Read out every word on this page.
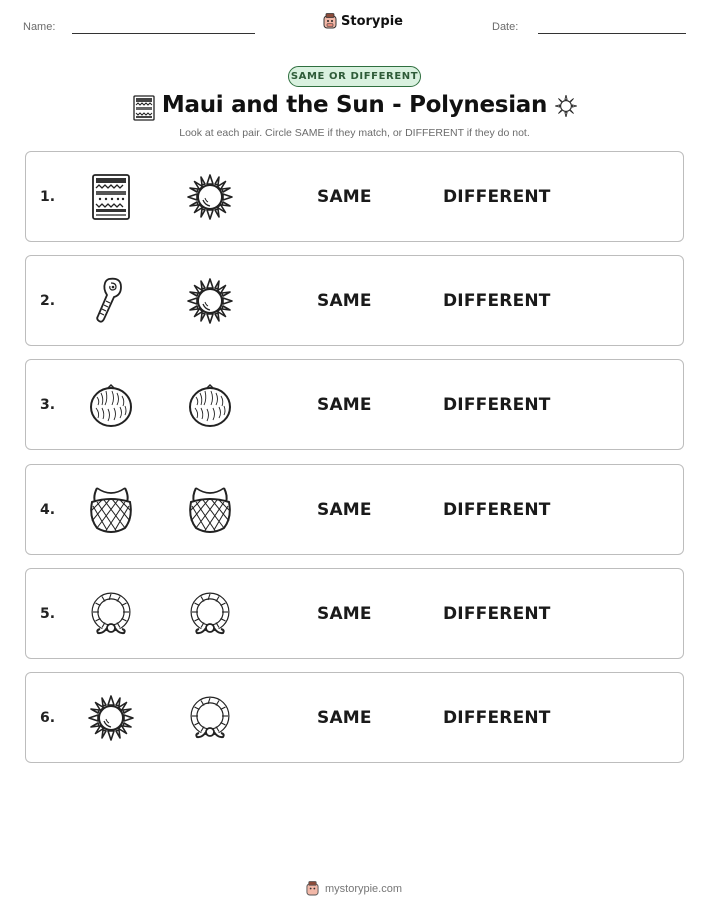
Name:	Storypie	Date:
SAME OR DIFFERENT
Maui and the Sun - Polynesian
Look at each pair. Circle SAME if they match, or DIFFERENT if they do not.
1.	SAME	DIFFERENT
2.	SAME	DIFFERENT
3.	SAME	DIFFERENT
4.	SAME	DIFFERENT
5.	SAME	DIFFERENT
6.	SAME	DIFFERENT
mystorypie.com
